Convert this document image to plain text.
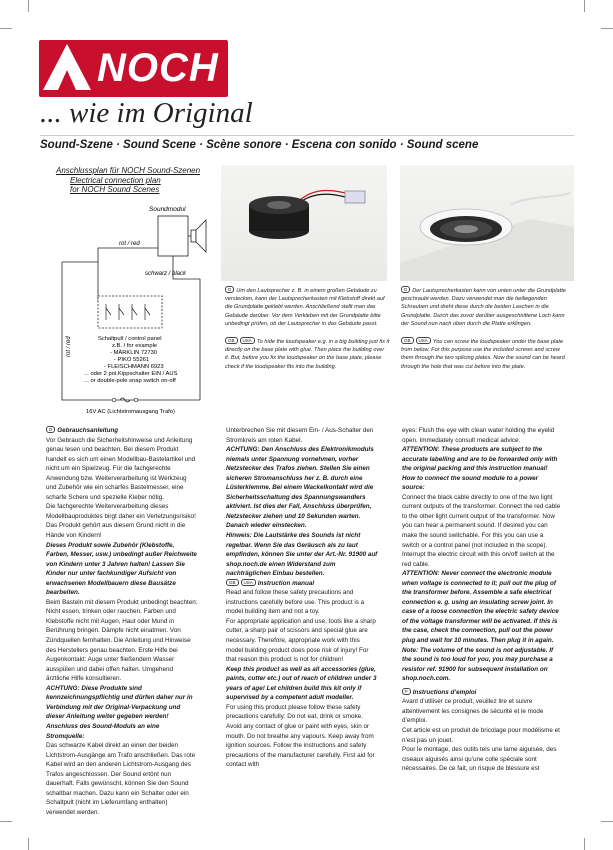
NOCH
... wie im Original
Sound-Szene · Sound Scene · Scène sonore · Escena con sonido · Sound scene
Anschlussplan für NOCH Sound-Szenen
Electrical connection plan
for NOCH Sound Scenes
Soundmodul
rot / red
schwarz / black
rot / red	Schaltpult / control panel
z.B. / for example
- MÄRKLIN 72730
- PIKO 55261
- FLEISCHMANN 6923
... oder 2 pol.Kippschalter EIN / AUS
... or double-pole snap switch on-off
16V AC (Lichtstromausgang Trafo)
D Um den Lautsprecher z. B. in einem großen Gebäude zu verstecken, kann der Lautsprecherkasten mit Klebstoff direkt auf die Grundplatte geklebt werden. Anschließend stellt man das Gebäude darüber. Vor dem Verkleben mit der Grundplatte bitte unbedingt prüfen, ob der Lautsprecher in das Gebäude passt.
GB USA To hide the loudspeaker e.g. in a big building just fix it directly on the base plate with glue. Then place the building over it. But, before you fix the loudspeaker on the base plate, please check if the loudspeaker fits into the building.
D Der Lautsprecherkasten kann von unten unter die Grundplatte geschraubt werden. Dazu verwendet man die beiliegenden Schrauben und dreht diese durch die beiden Laschen in die Grundplatte. Durch das zuvor darüber ausgeschnittene Loch kann der Sound nun nach oben durch die Platte erklingen.
GB USA You can screw the loudspeaker under the base plate from below. For this purpose use the included screws and screw them through the two splicing plates. Now the sound can be heard through the hole that was cut before into the plate.

D Gebrauchsanleitung

Vor Gebrauch die Sicherheitshinweise und Anleitung genau lesen und beachten. Bei diesem Produkt handelt es sich um einen Modellbau-Bastelartikel und nicht um ein Spielzeug. Für die fachgerechte Anwendung bzw. Weiterverarbeitung ist Werkzeug und Zubehör wie ein scharfes Bastelmesser, eine scharfe Schere und spezielle Kleber nötig.

Die fachgerechte Weiterverarbeitung dieses Modellbauproduktes birgt daher ein Verletzungsrisiko! Das Produkt gehört aus diesem Grund nicht in die Hände von Kindern!

Dieses Produkt sowie Zubehör (Klebstoffe, Farben, Messer, usw.) unbedingt außer Reichweite von Kindern unter 3 Jahren halten! Lassen Sie Kinder nur unter fachkundiger Aufsicht von erwachsenen Modellbauern diese Bausätze bearbeiten.

Beim Basteln mit diesem Produkt unbedingt beachten: Nicht essen, trinken oder rauchen. Farben und Klebstoffe nicht mit Augen, Haut oder Mund in Berührung bringen. Dämpfe nicht einatmen. Von Zündquellen fernhalten. Die Anleitung und Hinweise des Herstellers genau beachten. Erste Hilfe bei Augenkontakt: Auge unter fließendem Wasser ausspülen und dabei offen halten. Umgehend ärztliche Hilfe konsultieren.

ACHTUNG: Diese Produkte sind kennzeichnungspflichtig und dürfen daher nur in Verbindung mit der Original-Verpackung und dieser Anleitung weiter gegeben werden!

Anschluss des Sound-Moduls an eine Stromquelle:

Das schwarze Kabel direkt an einen der beiden Lichtstrom-Ausgänge am Trafo anschließen. Das rote Kabel wird an den anderen Lichtstrom-Ausgang des Trafos angeschlossen. Der Sound ertönt nun dauerhaft. Falls gewünscht, können Sie den Sound schaltbar machen. Dazu kann ein Schalter oder ein Schaltpult (nicht im Lieferumfang enthalten) verwendet werden.

Unterbrechen Sie mit diesem Ein- / Aus-Schalter den Stromkreis am roten Kabel.

ACHTUNG: Den Anschluss des Elektronikmoduls niemals unter Spannung vornehmen, vorher Netzstecker des Trafos ziehen. Stellen Sie einen sicheren Stromanschluss her z. B. durch eine Lüsterklemme. Bei einem Wackelkontakt wird die Sicherheitsschaltung des Spannungswandlers aktiviert. Ist dies der Fall, Anschluss überprüfen, Netzstecker ziehen und 10 Sekunden warten. Danach wieder einstecken.

Hinweis: Die Lautstärke des Sounds ist nicht regelbar. Wenn Sie das Geräusch als zu laut empfinden, können Sie unter der Art.-Nr. 91900 auf shop.noch.de einen Widerstand zum nachträglichen Einbau bestellen.

GB USA Instruction manual

Read and follow these safety precautions and instructions carefully before use. This product is a model building item and not a toy.

For appropriate application and use, tools like a sharp cutter, a sharp pair of scissors and special glue are necessary. Therefore, appropriate work with this model building product does pose risk of injury! For that reason this product is not for children!

Keep this product as well as all accessories (glue, paints, cutter etc.) out of reach of children under 3 years of age! Let children build this kit only if supervised by a competent adult modeller.

For using this product please follow these safety precautions carefully: Do not eat, drink or smoke. Avoid any contact of glue or paint with eyes, skin or mouth. Do not breathe any vapours. Keep away from ignition sources. Follow the instructions and safety precautions of the manufacturer carefully. First aid for contact with

eyes: Flush the eye with clean water holding the eyelid open. Immediately consult medical advice.

ATTENTION: These products are subject to the accurate labelling and are to be forwarded only with the original packing and this instruction manual!

How to connect the sound module to a power source:

Connect the black cable directly to one of the two light current outputs of the transformer. Connect the red cable to the other light current output of the transformer. Now you can hear a permanent sound. If desired you can make the sound switchable. For this you can use a switch or a control panel (not included in the scope). Interrupt the electric circuit with this on/off switch at the red cable.

ATTENTION: Never connect the electronic module when voltage is connected to it; pull out the plug of the transformer before. Assemble a safe electrical connection e. g. using an insulating screw joint. In case of a loose connection the electric safety device of the voltage transformer will be activated. If this is the case, check the connection, pull out the power plug and wait for 10 minutes. Then plug it in again.

Note: The volume of the sound is not adjustable. If the sound is too loud for you, you may purchase a resistor ref. 91900 for subsequent installation on shop.noch.com.

F Instructions d’emploi

Avant d’utiliser ce produit, veuillez lire et suivre attentivement les consignes de sécurité et le mode d’emploi.

Cet article est un produit de bricolage pour modélisme et n’est pas un jouet.

Pour le montage, des outils tels une lame aiguisée, des ciseaux aiguisés ainsi qu’une colle spéciale sont nécessaires. De ce fait, un risque de blessure est
